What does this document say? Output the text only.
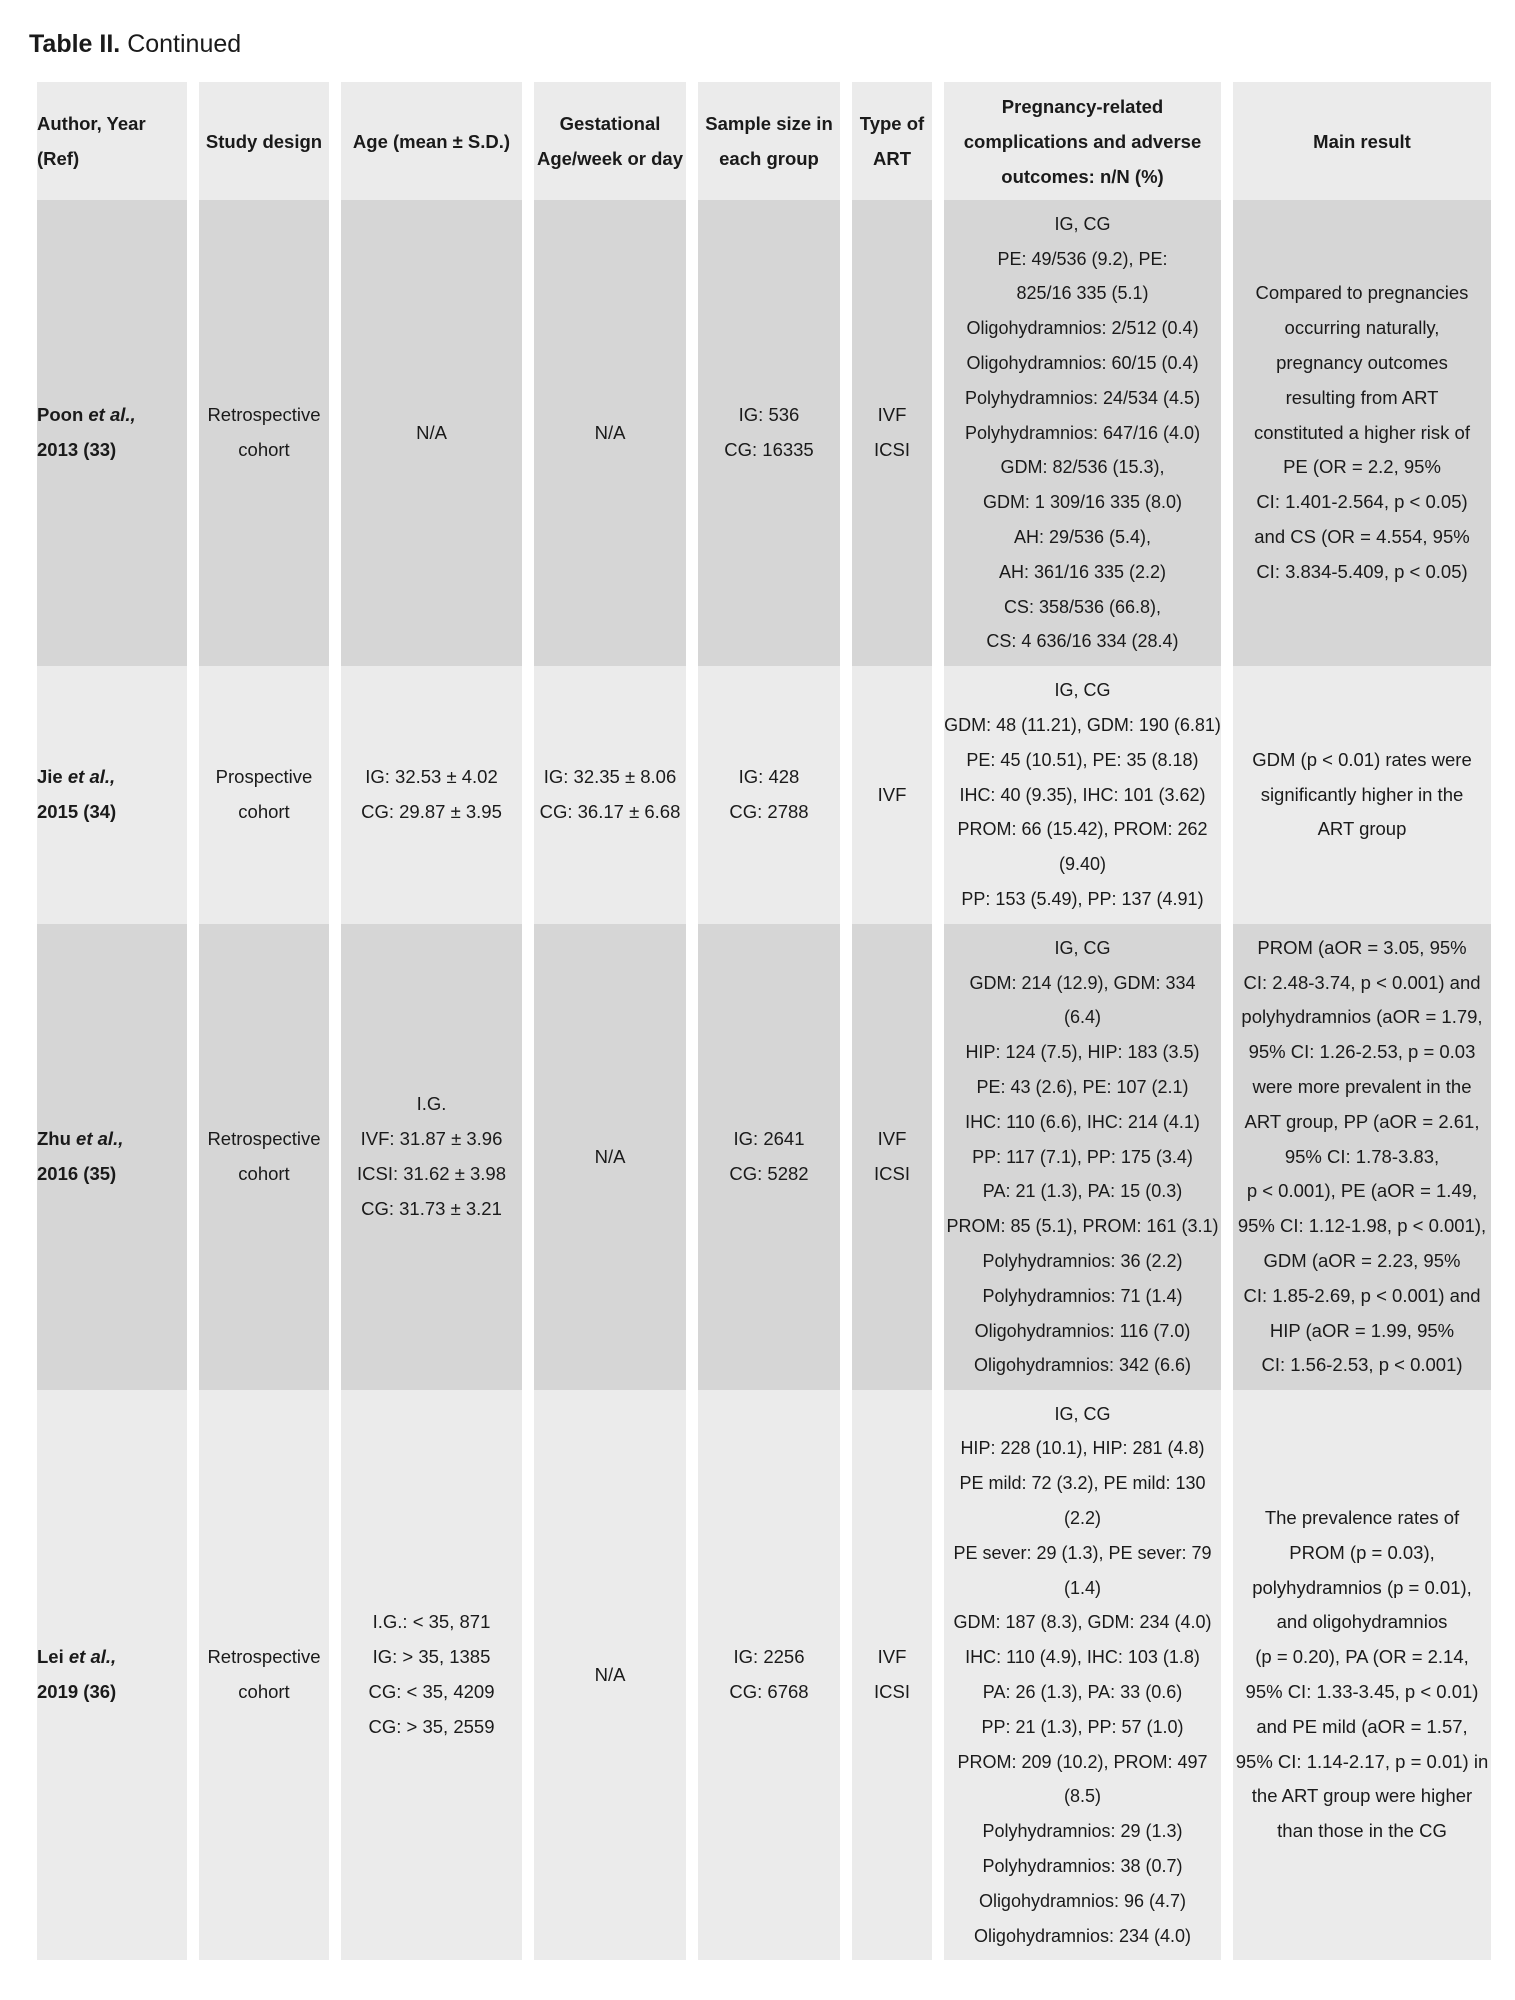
Table II. Continued
Author, Year (Ref)
Study design	Age (mean ± S.D.)
Gestational Age/week or day
Sample size in each group
Type of ART
Pregnancy-related complications and adverse outcomes: n/N (%)
Main result
Poon et al.,
2013 (33)
Retrospective
cohort
N/A	N/A
IG: 536
CG: 16335
IVF
ICSI
IG, CG
PE: 49/536 (9.2), PE:
825/16 335 (5.1)
Oligohydramnios: 2/512 (0.4)
Oligohydramnios: 60/15 (0.4)
Polyhydramnios: 24/534 (4.5)
Polyhydramnios: 647/16 (4.0)
GDM: 82/536 (15.3),
GDM: 1 309/16 335 (8.0)
AH: 29/536 (5.4),
AH: 361/16 335 (2.2)
CS: 358/536 (66.8),
CS: 4 636/16 334 (28.4)
Compared to pregnancies
occurring naturally,
pregnancy outcomes
resulting from ART
constituted a higher risk of
PE (OR = 2.2, 95%
CI: 1.401-2.564, p < 0.05)
and CS (OR = 4.554, 95%
CI: 3.834-5.409, p < 0.05)
Jie et al.,
2015 (34)
Prospective
cohort
IG: 32.53 ± 4.02
CG: 29.87 ± 3.95
IG: 32.35 ± 8.06
CG: 36.17 ± 6.68
IG: 428
CG: 2788
IVF
IG, CG
GDM: 48 (11.21), GDM: 190 (6.81)
PE: 45 (10.51), PE: 35 (8.18)
IHC: 40 (9.35), IHC: 101 (3.62)
PROM: 66 (15.42), PROM: 262
(9.40)
PP: 153 (5.49), PP: 137 (4.91)
GDM (p < 0.01) rates were
significantly higher in the
ART group
Zhu et al.,
2016 (35)
Retrospective
cohort
I.G.
IVF: 31.87 ± 3.96
ICSI: 31.62 ± 3.98
CG: 31.73 ± 3.21
N/A
IG: 2641
CG: 5282
IVF
ICSI
IG, CG
GDM: 214 (12.9), GDM: 334
(6.4)
HIP: 124 (7.5), HIP: 183 (3.5)
PE: 43 (2.6), PE: 107 (2.1)
IHC: 110 (6.6), IHC: 214 (4.1)
PP: 117 (7.1), PP: 175 (3.4)
PA: 21 (1.3), PA: 15 (0.3)
PROM: 85 (5.1), PROM: 161 (3.1)
Polyhydramnios: 36 (2.2)
Polyhydramnios: 71 (1.4)
Oligohydramnios: 116 (7.0)
Oligohydramnios: 342 (6.6)
PROM (aOR = 3.05, 95%
CI: 2.48-3.74, p < 0.001) and
polyhydramnios (aOR = 1.79,
95% CI: 1.26-2.53, p = 0.03
were more prevalent in the
ART group, PP (aOR = 2.61,
95% CI: 1.78-3.83,
p < 0.001), PE (aOR = 1.49,
95% CI: 1.12-1.98, p < 0.001),
GDM (aOR = 2.23, 95%
CI: 1.85-2.69, p < 0.001) and
HIP (aOR = 1.99, 95%
CI: 1.56-2.53, p < 0.001)
Lei et al.,
2019 (36)
Retrospective
cohort
I.G.: < 35, 871
IG: > 35, 1385
CG: < 35, 4209
CG: > 35, 2559
N/A
IG: 2256
CG: 6768
IVF
ICSI
IG, CG
HIP: 228 (10.1), HIP: 281 (4.8)
PE mild: 72 (3.2), PE mild: 130
(2.2)
PE sever: 29 (1.3), PE sever: 79
(1.4)
GDM: 187 (8.3), GDM: 234 (4.0)
IHC: 110 (4.9), IHC: 103 (1.8)
PA: 26 (1.3), PA: 33 (0.6)
PP: 21 (1.3), PP: 57 (1.0)
PROM: 209 (10.2), PROM: 497
(8.5)
Polyhydramnios: 29 (1.3)
Polyhydramnios: 38 (0.7)
Oligohydramnios: 96 (4.7)
Oligohydramnios: 234 (4.0)
The prevalence rates of
PROM (p = 0.03),
polyhydramnios (p = 0.01),
and oligohydramnios
(p = 0.20), PA (OR = 2.14,
95% CI: 1.33-3.45, p < 0.01)
and PE mild (aOR = 1.57,
95% CI: 1.14-2.17, p = 0.01) in
the ART group were higher
than those in the CG
